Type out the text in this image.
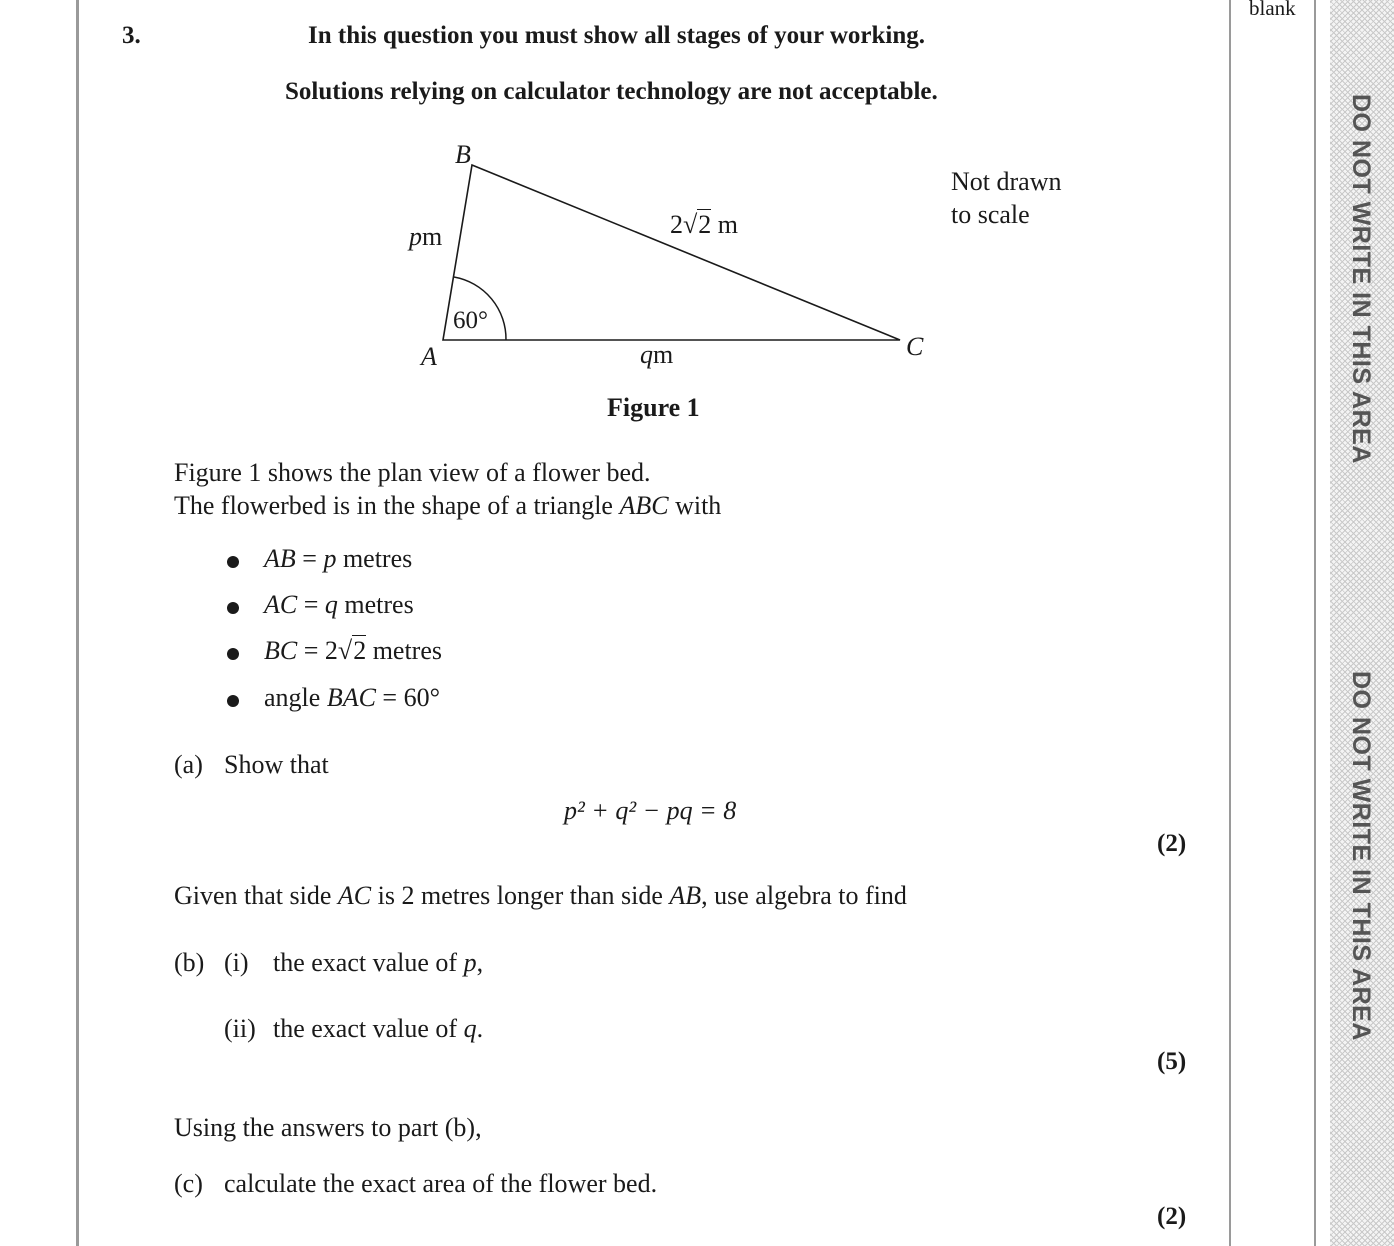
blank
DO NOT WRITE IN THIS AREA
DO NOT WRITE IN THIS AREA
3.	In this question you must show all stages of your working.
Solutions relying on calculator technology are not acceptable.
B
A	C
pm
qm
2√2 m
60°
Not drawn
to scale
Figure 1
Figure 1 shows the plan view of a flower bed.
The flowerbed is in the shape of a triangle ABC with
AB = p metres
AC = q metres
BC = 2√2 metres
angle BAC = 60°
(a) Show that
p² + q² − pq = 8
(2)
Given that side AC is 2 metres longer than side AB, use algebra to find
(b) (i) the exact value of p,
(ii) the exact value of q.
(5)
Using the answers to part (b),
(c) calculate the exact area of the flower bed.
(2)
